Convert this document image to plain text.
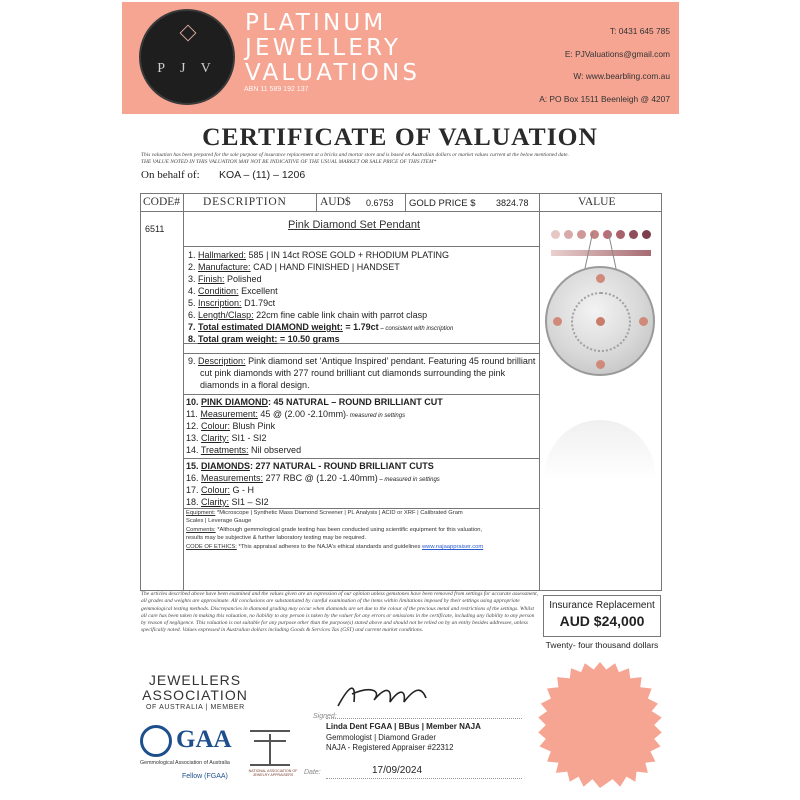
P J V
PLATINUM
JEWELLERY
VALUATIONS
ABN 11 589 192 137
T: 0431 645 785
E: PJValuations@gmail.com
W: www.bearbling.com.au
A: PO Box 1511 Beenleigh @ 4207
CERTIFICATE OF VALUATION
This valuation has been prepared for the sole purpose of insurance replacement at a bricks and mortar store and is based on Australian dollars or market values current at the below mentioned date.
THE VALUE NOTED IN THIS VALUATION MAY NOT BE INDICATIVE OF THE USUAL MARKET OR SALE PRICE OF THIS ITEM*
On behalf of: KOA – (11) – 1206
CODE# DESCRIPTION	AUD$ 0.6753 GOLD PRICE $ 3824.78	VALUE
6511	Pink Diamond Set Pendant
1. Hallmarked: 585 | IN 14ct ROSE GOLD + RHODIUM PLATING
2. Manufacture: CAD | HAND FINISHED | HANDSET
3. Finish: Polished
4. Condition: Excellent
5. Inscription: D1.79ct
6. Length/Clasp: 22cm fine cable link chain with parrot clasp
7. Total estimated DIAMOND weight: = 1.79ct – consistent with inscription
8. Total gram weight: = 10.50 grams
9. Description: Pink diamond set ‘Antique Inspired’ pendant. Featuring 45 round brilliant
cut pink diamonds with 277 round brilliant cut diamonds surrounding the pink
diamonds in a floral design.
10. PINK DIAMOND: 45 NATURAL – ROUND BRILLIANT CUT
11. Measurement: 45 @ (2.00 -2.10mm)- measured in settings
12. Colour: Blush Pink
13. Clarity: SI1 - SI2
14. Treatments: Nil observed
15. DIAMONDS: 277 NATURAL - ROUND BRILLIANT CUTS
16. Measurements: 277 RBC @ (1.20 -1.40mm) – measured in settings
17. Colour: G - H
18. Clarity: SI1 – SI2
Equipment: *Microscope | Synthetic Mass Diamond Screener | PL Analysis | ACID or XRF | Calibrated Gram
Scales | Leverage Gauge
Comments: *Although gemmological grade testing has been conducted using scientific equipment for this valuation,
results may be subjective & further laboratory testing may be required.
CODE OF ETHICS: *This appraisal adheres to the NAJA's ethical standards and guidelines www.najaappraiser.com
The articles described above have been examined and the values given are an expression of our opinion unless gemstones have been removed from settings for accurate assessment, all grades and weights are approximate. All conclusions are substantiated by careful examination of the items within limitations imposed by their settings using appropriate gemmological testing methods. Discrepancies in diamond grading may occur when diamonds are set due to the colour of the precious metal and restrictions of the settings. Whilst all care has been taken in making this valuation, no liability to any person is taken by the valuer for any errors or omissions in the certificate, including any liability to any person by reason of negligence. This valuation is not suitable for any purpose other than the purpose(s) stated above and should not be relied on by an entity besides addressee, unless specifically noted. Values expressed in Australian dollars including Goods & Services Tax (GST) and current market conditions.
Insurance Replacement
AUD $24,000
Twenty- four thousand dollars
JEWELLERS
ASSOCIATION
OF AUSTRALIA | MEMBER
GAA
Gemmological Association of Australia
Fellow (FGAA)
NATIONAL ASSOCIATION OF JEWELRY APPRAISERS
Signed:
Linda Dent FGAA | BBus | Member NAJA
Gemmologist | Diamond Grader
NAJA - Registered Appraiser #22312
Date:	17/09/2024
